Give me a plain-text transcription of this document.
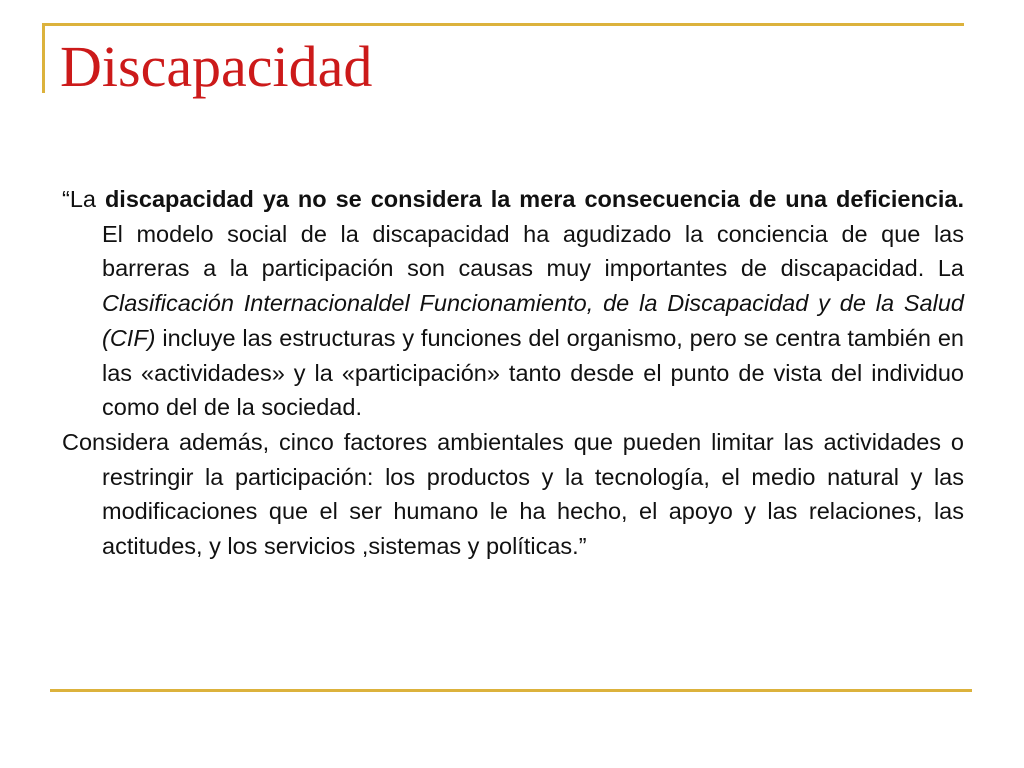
Discapacidad

“La discapacidad ya no se considera la mera consecuencia de una deficiencia. El modelo social de la discapacidad ha agudizado la conciencia de que las barreras a la participación son causas muy importantes de discapacidad. La Clasificación Internacionaldel Funcionamiento, de la Discapacidad y de la Salud (CIF) incluye las estructuras y funciones del organismo, pero se centra también en las «actividades» y la «participación» tanto desde el punto de vista del individuo como del de la sociedad.

Considera además, cinco factores ambientales que pueden limitar las actividades o restringir la participación: los productos y la tecnología, el medio natural y las modificaciones que el ser humano le ha hecho, el apoyo y las relaciones, las actitudes, y los servicios ,sistemas y políticas.”
